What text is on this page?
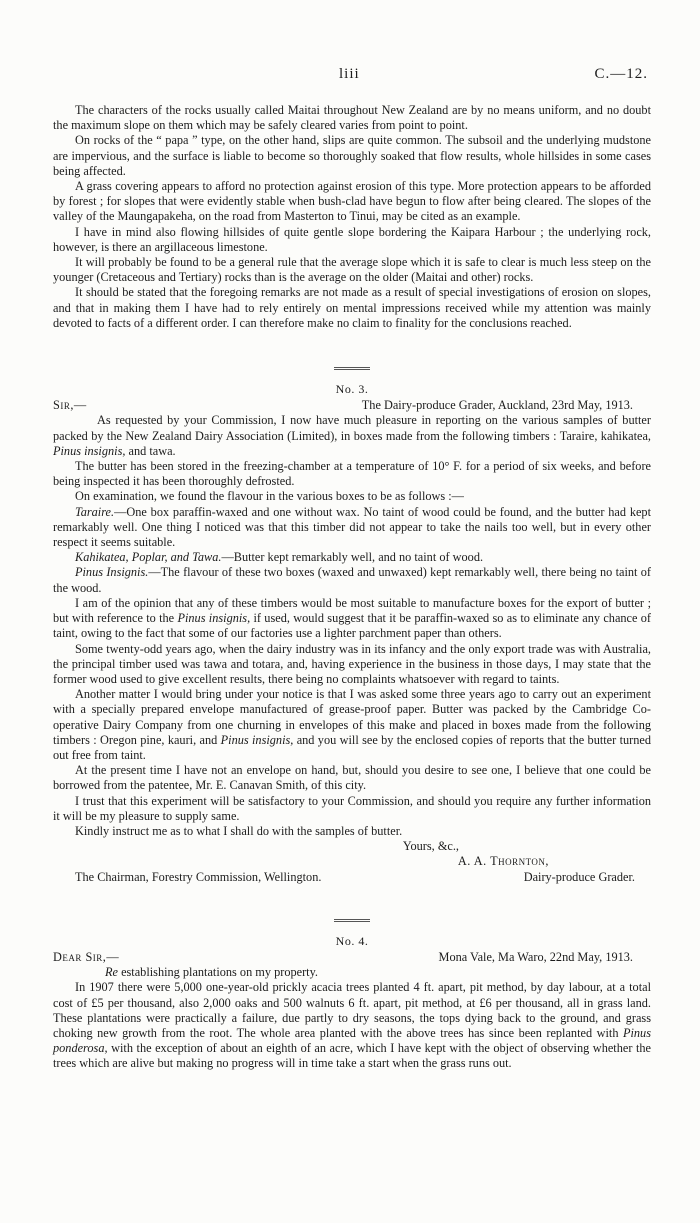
liii	C.—12.

The characters of the rocks usually called Maitai throughout New Zealand are by no means uniform, and no doubt the maximum slope on them which may be safely cleared varies from point to point.

On rocks of the “ papa ” type, on the other hand, slips are quite common. The subsoil and the underlying mudstone are impervious, and the surface is liable to become so thoroughly soaked that flow results, whole hillsides in some cases being affected.

A grass covering appears to afford no protection against erosion of this type. More protection appears to be afforded by forest ; for slopes that were evidently stable when bush-clad have begun to flow after being cleared. The slopes of the valley of the Maungapakeha, on the road from Masterton to Tinui, may be cited as an example.

I have in mind also flowing hillsides of quite gentle slope bordering the Kaipara Harbour ; the underlying rock, however, is there an argillaceous limestone.

It will probably be found to be a general rule that the average slope which it is safe to clear is much less steep on the younger (Cretaceous and Tertiary) rocks than is the average on the older (Maitai and other) rocks.

It should be stated that the foregoing remarks are not made as a result of special investigations of erosion on slopes, and that in making them I have had to rely entirely on mental impressions received while my attention was mainly devoted to facts of a different order. I can therefore make no claim to finality for the conclusions reached.

No. 3.
Sir,—	The Dairy-produce Grader, Auckland, 23rd May, 1913.

As requested by your Commission, I now have much pleasure in reporting on the various samples of butter packed by the New Zealand Dairy Association (Limited), in boxes made from the following timbers : Taraire, kahikatea, Pinus insignis, and tawa.

The butter has been stored in the freezing-chamber at a temperature of 10° F. for a period of six weeks, and before being inspected it has been thoroughly defrosted.

On examination, we found the flavour in the various boxes to be as follows :—

Taraire.—One box paraffin-waxed and one without wax. No taint of wood could be found, and the butter had kept remarkably well. One thing I noticed was that this timber did not appear to take the nails too well, but in every other respect it seems suitable.

Kahikatea, Poplar, and Tawa.—Butter kept remarkably well, and no taint of wood.

Pinus Insignis.—The flavour of these two boxes (waxed and unwaxed) kept remarkably well, there being no taint of the wood.

I am of the opinion that any of these timbers would be most suitable to manufacture boxes for the export of butter ; but with reference to the Pinus insignis, if used, would suggest that it be paraffin-waxed so as to eliminate any chance of taint, owing to the fact that some of our factories use a lighter parchment paper than others.

Some twenty-odd years ago, when the dairy industry was in its infancy and the only export trade was with Australia, the principal timber used was tawa and totara, and, having experience in the business in those days, I may state that the former wood used to give excellent results, there being no complaints whatsoever with regard to taints.

Another matter I would bring under your notice is that I was asked some three years ago to carry out an experiment with a specially prepared envelope manufactured of grease-proof paper. Butter was packed by the Cambridge Co-operative Dairy Company from one churning in envelopes of this make and placed in boxes made from the following timbers : Oregon pine, kauri, and Pinus insignis, and you will see by the enclosed copies of reports that the butter turned out free from taint.

At the present time I have not an envelope on hand, but, should you desire to see one, I believe that one could be borrowed from the patentee, Mr. E. Canavan Smith, of this city.

I trust that this experiment will be satisfactory to your Commission, and should you require any further information it will be my pleasure to supply same.

Kindly instruct me as to what I shall do with the samples of butter.

Yours, &c.,
A. A. Thornton,
The Chairman, Forestry Commission, Wellington.	Dairy-produce Grader.
No. 4.
Dear Sir,—	Mona Vale, Ma Waro, 22nd May, 1913.

Re establishing plantations on my property.

In 1907 there were 5,000 one-year-old prickly acacia trees planted 4 ft. apart, pit method, by day labour, at a total cost of £5 per thousand, also 2,000 oaks and 500 walnuts 6 ft. apart, pit method, at £6 per thousand, all in grass land. These plantations were practically a failure, due partly to dry seasons, the tops dying back to the ground, and grass choking new growth from the root. The whole area planted with the above trees has since been replanted with Pinus ponderosa, with the exception of about an eighth of an acre, which I have kept with the object of observing whether the trees which are alive but making no progress will in time take a start when the grass runs out.
